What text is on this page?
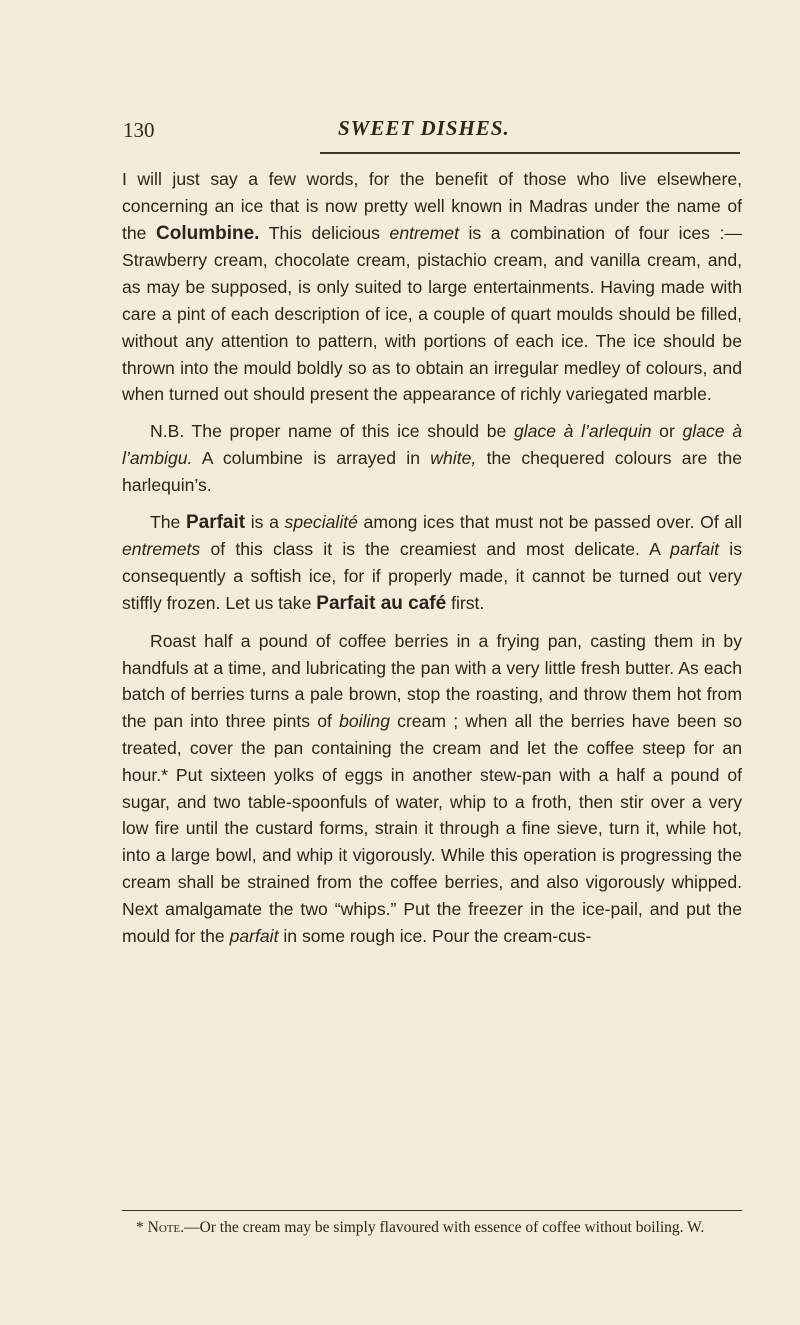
130	SWEET DISHES.

I will just say a few words, for the benefit of those who live elsewhere, concerning an ice that is now pretty well known in Madras under the name of the Columbine. This delicious entremet is a combination of four ices :—Strawberry cream, chocolate cream, pistachio cream, and vanilla cream, and, as may be supposed, is only suited to large entertainments. Having made with care a pint of each description of ice, a couple of quart moulds should be filled, without any attention to pattern, with portions of each ice. The ice should be thrown into the mould boldly so as to obtain an irregular medley of colours, and when turned out should present the appearance of richly variegated marble.

N.B. The proper name of this ice should be glace à l’arlequin or glace à l’ambigu. A columbine is arrayed in white, the chequered colours are the harlequin’s.

The Parfait is a specialité among ices that must not be passed over. Of all entremets of this class it is the creamiest and most delicate. A parfait is consequently a softish ice, for if properly made, it cannot be turned out very stiffly frozen. Let us take Parfait au café first.

Roast half a pound of coffee berries in a frying pan, casting them in by handfuls at a time, and lubricating the pan with a very little fresh butter. As each batch of berries turns a pale brown, stop the roasting, and throw them hot from the pan into three pints of boiling cream ; when all the berries have been so treated, cover the pan containing the cream and let the coffee steep for an hour.* Put sixteen yolks of eggs in another stew-pan with a half a pound of sugar, and two table-spoonfuls of water, whip to a froth, then stir over a very low fire until the custard forms, strain it through a fine sieve, turn it, while hot, into a large bowl, and whip it vigorously. While this operation is progressing the cream shall be strained from the coffee berries, and also vigorously whipped. Next amalgamate the two “whips.” Put the freezer in the ice-pail, and put the mould for the parfait in some rough ice. Pour the cream-cus-

* Note.—Or the cream may be simply flavoured with essence of coffee without boiling. W.
